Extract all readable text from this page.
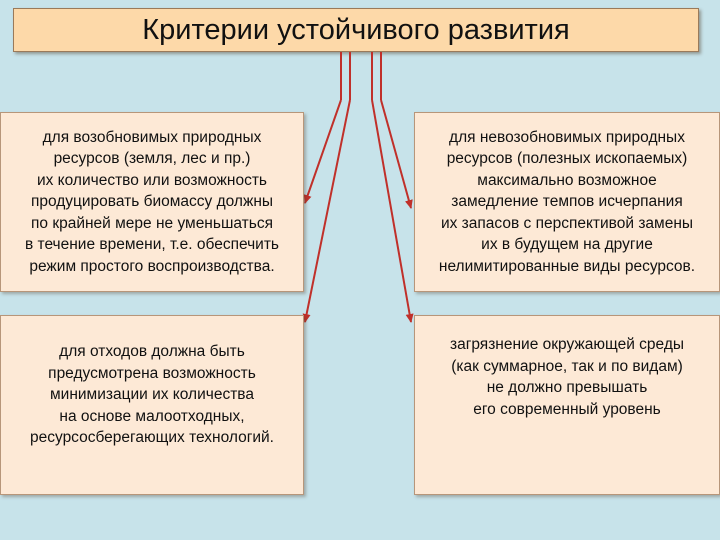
Критерии устойчивого развития
для возобновимых природных
ресурсов (земля, лес и пр.)
их количество или возможность
продуцировать биомассу должны
по крайней мере не уменьшаться
в течение времени, т.е. обеспечить
режим простого воспроизводства.
для невозобновимых природных
ресурсов (полезных ископаемых)
максимально возможное
замедление темпов исчерпания
их запасов с перспективой замены
их в будущем на другие
нелимитированные виды ресурсов.
для отходов должна быть
предусмотрена возможность
минимизации их количества
на основе малоотходных,
ресурсосберегающих технологий.
загрязнение окружающей среды
(как суммарное, так и по видам)
не должно превышать
его современный уровень
